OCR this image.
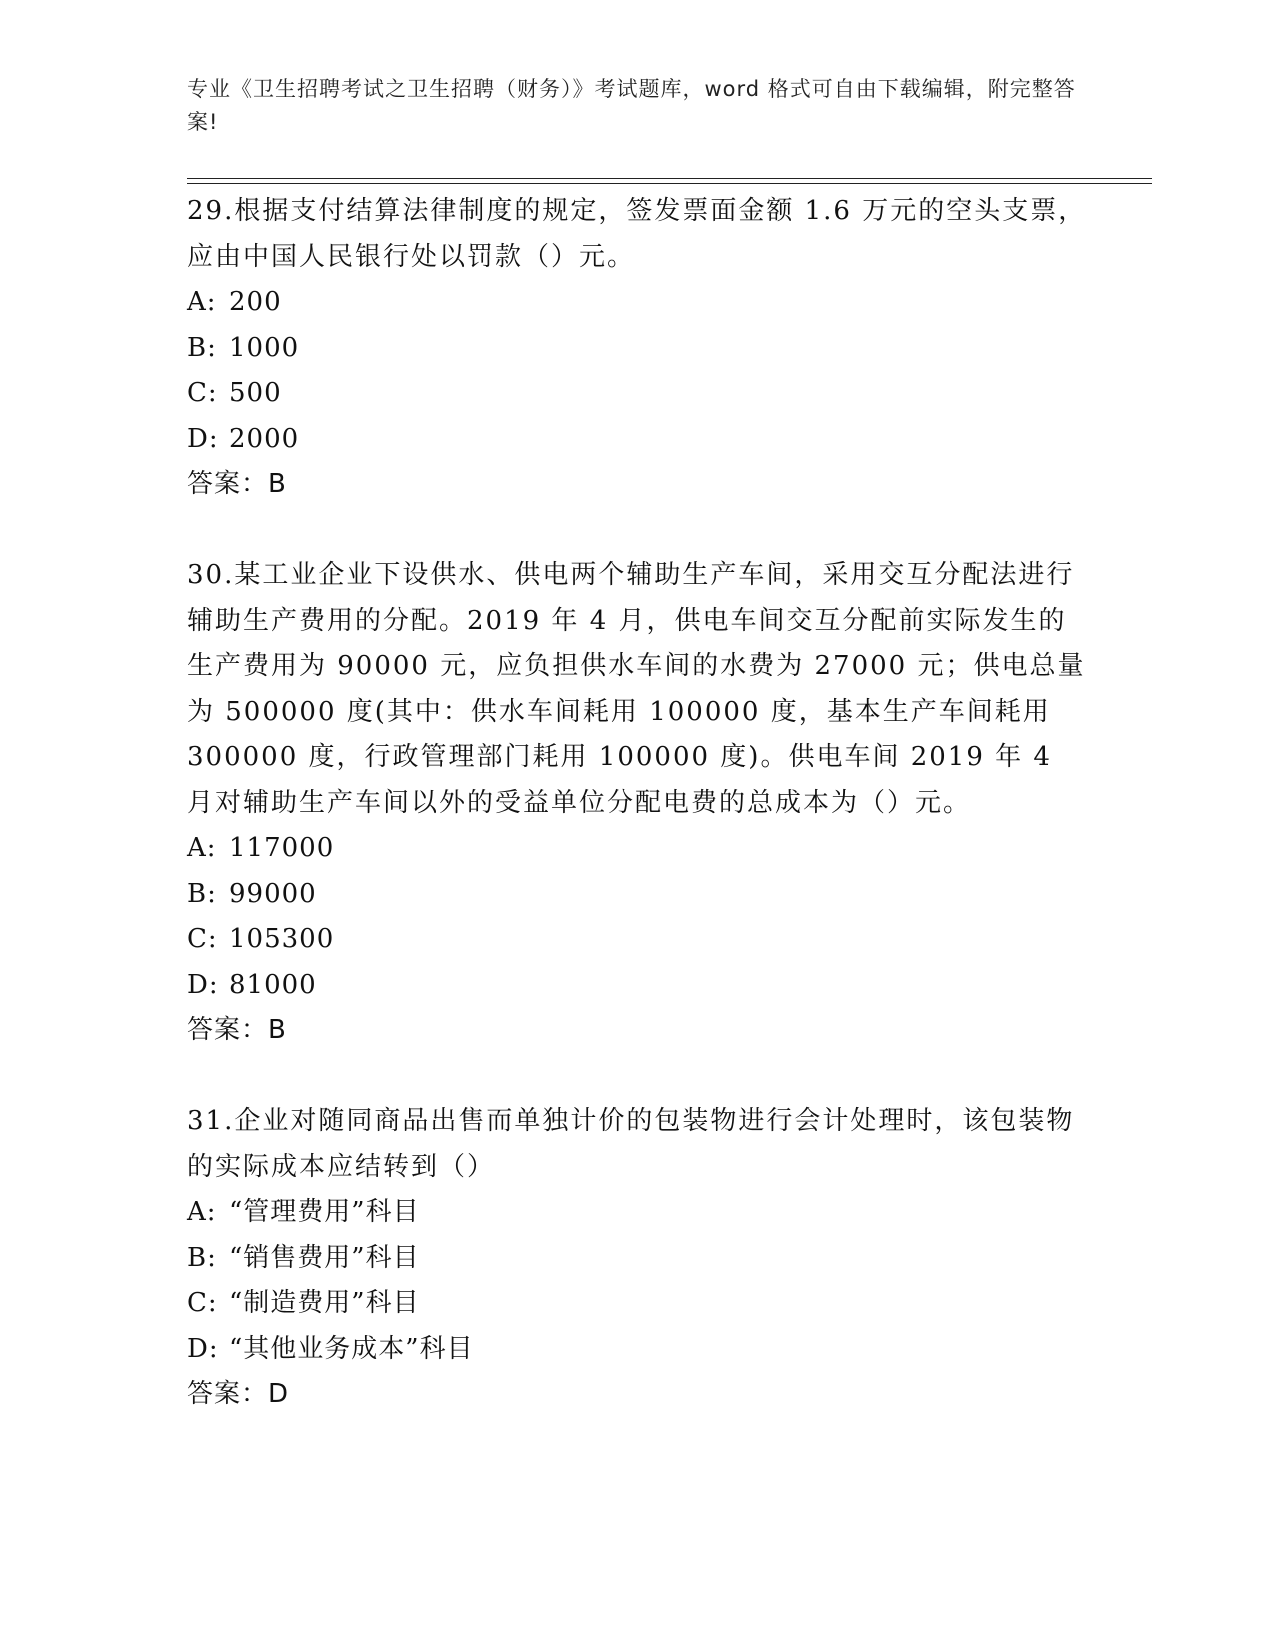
专业《卫生招聘考试之卫生招聘（财务）》考试题库，word 格式可自由下载编辑，附完整答案!

29.根据支付结算法律制度的规定，签发票面金额 1.6 万元的空头支票，应由中国人民银行处以罚款（）元。

A: 200

B: 1000

C: 500

D: 2000

答案：B

30.某工业企业下设供水、供电两个辅助生产车间，采用交互分配法进行辅助生产费用的分配。2019 年 4 月，供电车间交互分配前实际发生的生产费用为 90000 元，应负担供水车间的水费为 27000 元；供电总量为 500000 度(其中：供水车间耗用 100000 度，基本生产车间耗用 300000 度，行政管理部门耗用 100000 度)。供电车间 2019 年 4 月对辅助生产车间以外的受益单位分配电费的总成本为（）元。

A: 117000

B: 99000

C: 105300

D: 81000

答案：B

31.企业对随同商品出售而单独计价的包装物进行会计处理时，该包装物的实际成本应结转到（）

A: “管理费用”科目

B: “销售费用”科目

C: “制造费用”科目

D: “其他业务成本”科目

答案：D
